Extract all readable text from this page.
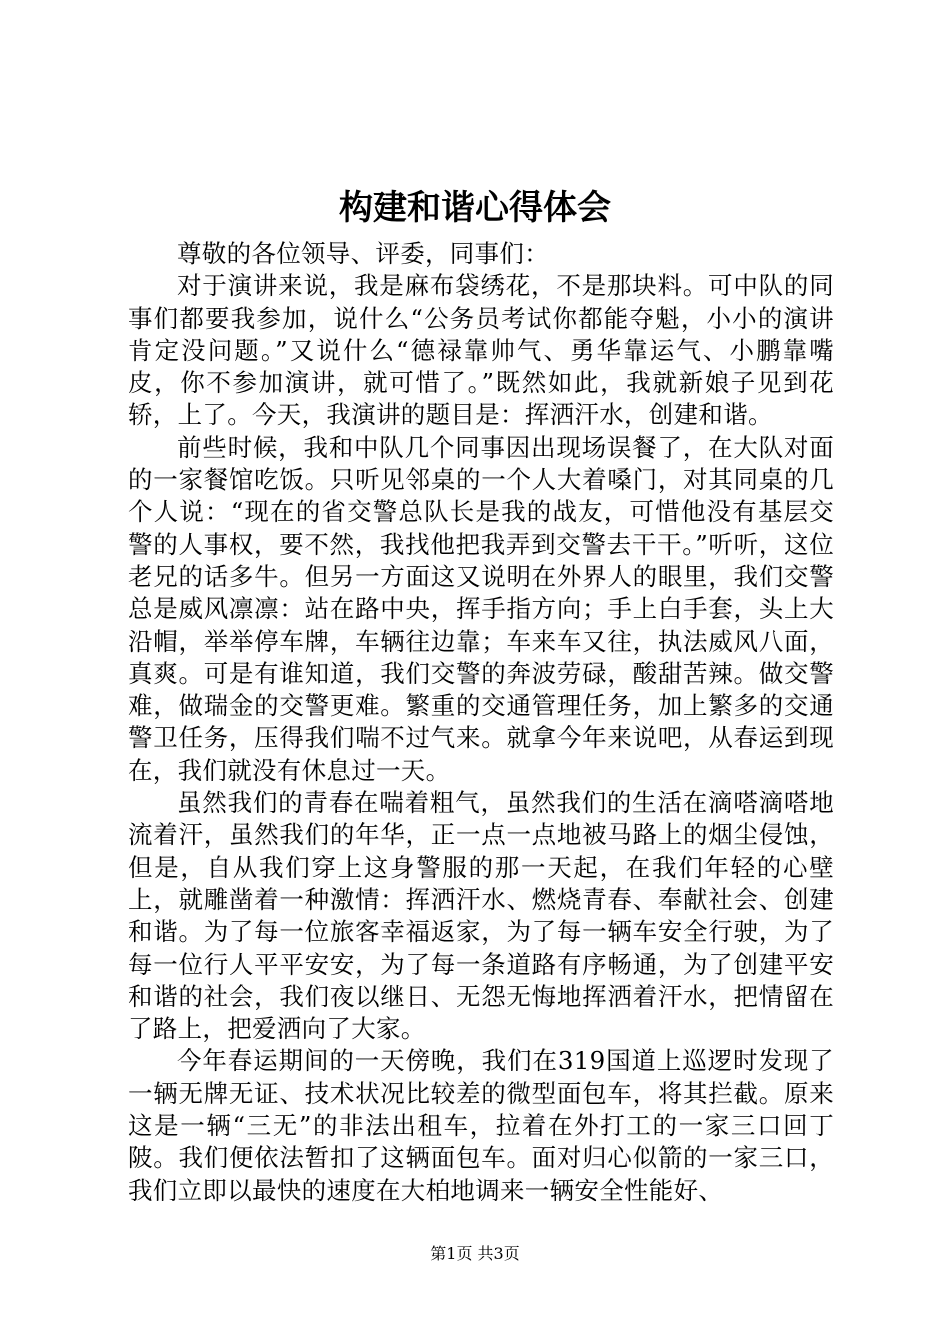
构建和谐心得体会

尊敬的各位领导、评委，同事们：

对于演讲来说，我是麻布袋绣花，不是那块料。可中队的同事们都要我参加，说什么“公务员考试你都能夺魁，小小的演讲肯定没问题。”又说什么“德禄靠帅气、勇华靠运气、小鹏靠嘴皮，你不参加演讲，就可惜了。”既然如此，我就新娘子见到花轿，上了。今天，我演讲的题目是：挥洒汗水，创建和谐。

前些时候，我和中队几个同事因出现场误餐了，在大队对面的一家餐馆吃饭。只听见邻桌的一个人大着嗓门，对其同桌的几个人说：“现在的省交警总队长是我的战友，可惜他没有基层交警的人事权，要不然，我找他把我弄到交警去干干。”听听，这位老兄的话多牛。但另一方面这又说明在外界人的眼里，我们交警总是威风凛凛：站在路中央，挥手指方向；手上白手套，头上大沿帽，举举停车牌，车辆往边靠；车来车又往，执法威风八面，真爽。可是有谁知道，我们交警的奔波劳碌，酸甜苦辣。做交警难，做瑞金的交警更难。繁重的交通管理任务，加上繁多的交通警卫任务，压得我们喘不过气来。就拿今年来说吧，从春运到现在，我们就没有休息过一天。

虽然我们的青春在喘着粗气，虽然我们的生活在滴嗒滴嗒地流着汗，虽然我们的年华，正一点一点地被马路上的烟尘侵蚀，但是，自从我们穿上这身警服的那一天起，在我们年轻的心壁上，就雕凿着一种激情：挥洒汗水、燃烧青春、奉献社会、创建和谐。为了每一位旅客幸福返家，为了每一辆车安全行驶，为了每一位行人平平安安，为了每一条道路有序畅通，为了创建平安和谐的社会，我们夜以继日、无怨无悔地挥洒着汗水，把情留在了路上，把爱洒向了大家。

今年春运期间的一天傍晚，我们在319国道上巡逻时发现了一辆无牌无证、技术状况比较差的微型面包车，将其拦截。原来这是一辆“三无”的非法出租车，拉着在外打工的一家三口回丁陂。我们便依法暂扣了这辆面包车。面对归心似箭的一家三口，我们立即以最快的速度在大柏地调来一辆安全性能好、

第1页 共3页
